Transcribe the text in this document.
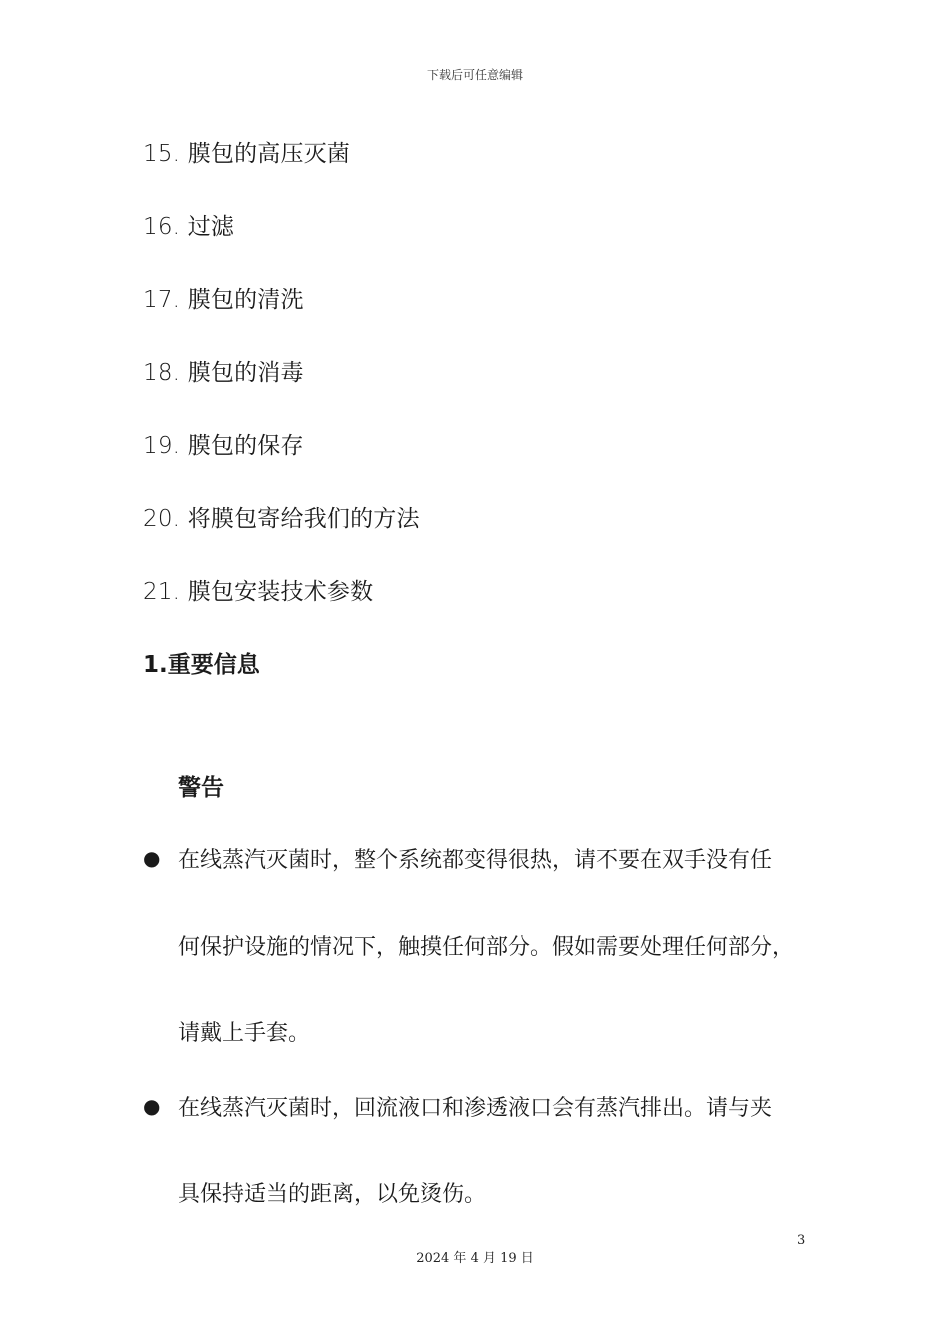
下载后可任意编辑
15. 膜包的高压灭菌
16. 过滤
17. 膜包的清洗
18. 膜包的消毒
19. 膜包的保存
20. 将膜包寄给我们的方法
21. 膜包安装技术参数
1.重要信息
警告
● 在线蒸汽灭菌时，整个系统都变得很热，请不要在双手没有任
何保护设施的情况下，触摸任何部分。假如需要处理任何部分，
请戴上手套。
● 在线蒸汽灭菌时，回流液口和渗透液口会有蒸汽排出。请与夹
具保持适当的距离，以免烫伤。
3
2024 年 4 月 19 日
